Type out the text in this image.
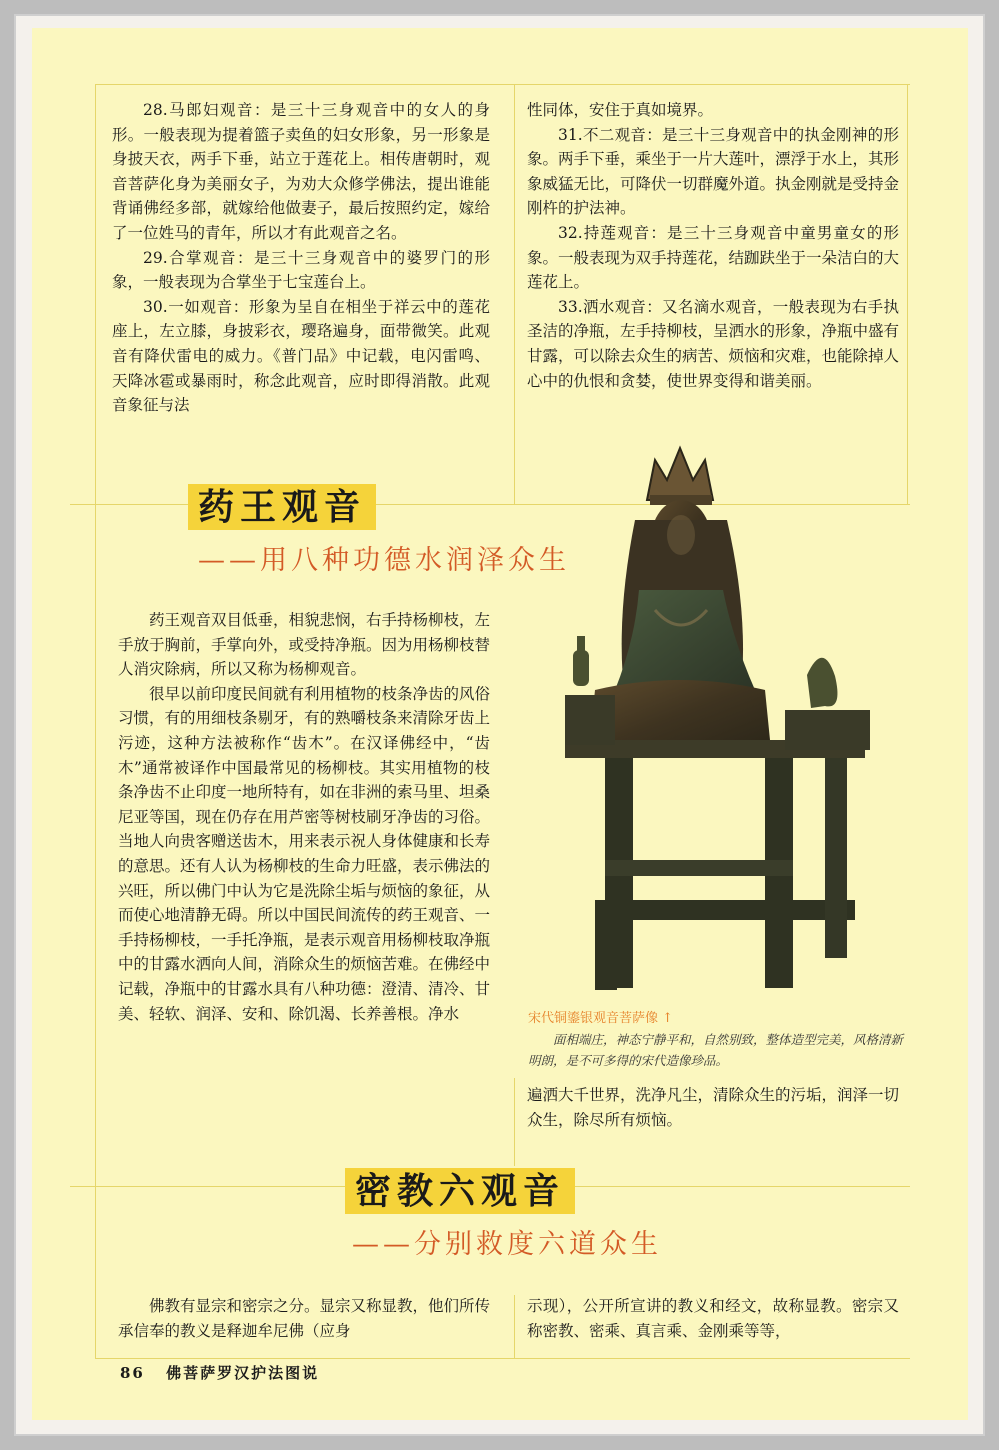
28.马郎妇观音：是三十三身观音中的女人的身形。一般表现为提着篮子卖鱼的妇女形象，另一形象是身披天衣，两手下垂，站立于莲花上。相传唐朝时，观音菩萨化身为美丽女子，为劝大众修学佛法，提出谁能背诵佛经多部，就嫁给他做妻子，最后按照约定，嫁给了一位姓马的青年，所以才有此观音之名。

29.合掌观音：是三十三身观音中的婆罗门的形象，一般表现为合掌坐于七宝莲台上。

30.一如观音：形象为呈自在相坐于祥云中的莲花座上，左立膝，身披彩衣，璎珞遍身，面带微笑。此观音有降伏雷电的威力。《普门品》中记载，电闪雷鸣、天降冰雹或暴雨时，称念此观音，应时即得消散。此观音象征与法

性同体，安住于真如境界。

31.不二观音：是三十三身观音中的执金刚神的形象。两手下垂，乘坐于一片大莲叶，漂浮于水上，其形象威猛无比，可降伏一切群魔外道。执金刚就是受持金刚杵的护法神。

32.持莲观音：是三十三身观音中童男童女的形象。一般表现为双手持莲花，结跏趺坐于一朵洁白的大莲花上。

33.洒水观音：又名滴水观音，一般表现为右手执圣洁的净瓶，左手持柳枝，呈洒水的形象，净瓶中盛有甘露，可以除去众生的病苦、烦恼和灾难，也能除掉人心中的仇恨和贪婪，使世界变得和谐美丽。

药王观音
——用八种功德水润泽众生

药王观音双目低垂，相貌悲悯，右手持杨柳枝，左手放于胸前，手掌向外，或受持净瓶。因为用杨柳枝替人消灾除病，所以又称为杨柳观音。

很早以前印度民间就有利用植物的枝条净齿的风俗习惯，有的用细枝条剔牙，有的熟嚼枝条来清除牙齿上污迹，这种方法被称作“齿木”。在汉译佛经中，“齿木”通常被译作中国最常见的杨柳枝。其实用植物的枝条净齿不止印度一地所特有，如在非洲的索马里、坦桑尼亚等国，现在仍存在用芦密等树枝刷牙净齿的习俗。当地人向贵客赠送齿木，用来表示祝人身体健康和长寿的意思。还有人认为杨柳枝的生命力旺盛，表示佛法的兴旺，所以佛门中认为它是洗除尘垢与烦恼的象征，从而使心地清静无碍。所以中国民间流传的药王观音、一手持杨柳枝，一手托净瓶，是表示观音用杨柳枝取净瓶中的甘露水洒向人间，消除众生的烦恼苦难。在佛经中记载，净瓶中的甘露水具有八种功德：澄清、清冷、甘美、轻软、润泽、安和、除饥渴、长养善根。净水	宋代铜鎏银观音菩萨像 ↑
面相端庄，神态宁静平和，自然别致，整体造型完美，风格清新明朗，是不可多得的宋代造像珍品。

遍洒大千世界，洗净凡尘，清除众生的污垢，润泽一切众生，除尽所有烦恼。

密教六观音
——分别救度六道众生

佛教有显宗和密宗之分。显宗又称显教，他们所传承信奉的教义是释迦牟尼佛（应身

示现），公开所宣讲的教义和经文，故称显教。密宗又称密教、密乘、真言乘、金刚乘等等，

86 佛菩萨罗汉护法图说
